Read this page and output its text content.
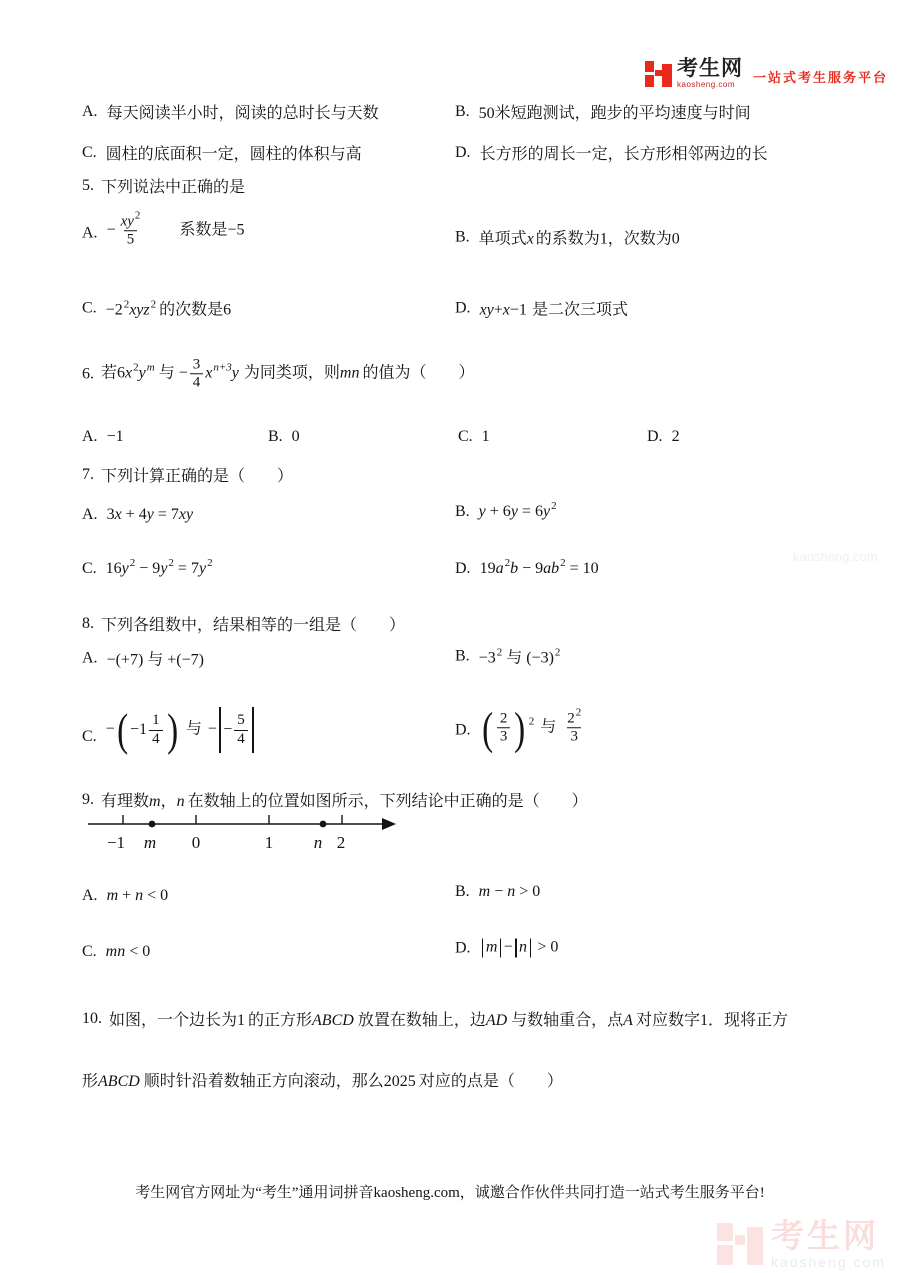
考生网
kaosheng.com	一站式考生服务平台
A. 每天阅读半小时，阅读的总时长与天数	B. 50米短跑测试，跑步的平均速度与时间
C. 圆柱的底面积一定，圆柱的体积与高	D. 长方形的周长一定，长方形相邻两边的长
5. 下列说法中正确的是
A. − $\frac{xy^2}{5}$ 系数是−5	B. 单项式x 的系数为1，次数为0
C. $-2^2xyz^2$ 的次数是6	D. xy+x−1 是二次三项式
6. 若$6x^2y^m$ 与 − $\frac{3}{4} x^{n+3}y$ 为同类项，则mn 的值为（　　）
A. −1	B. 0	C. 1	D. 2
7. 下列计算正确的是（　　）
A. 3x + 4y = 7xy	B. $y + 6y = 6y^2$
C. $16y^2 - 9y^2 = 7y^2$	D. $19a^2b - 9ab^2 = 10$
kaosheng.com
8. 下列各组数中，结果相等的一组是（　　）
A. −(+7) 与 +(−7)	B. $-3^2$ 与 $(-3)^2$
C. −( $-1 \frac{1}{4}$ ) 与 − − $\frac{5}{4}$	D. ( $\frac{2}{3}$ ) $^2$ 与 $\frac{2^2}{3}$
9. 有理数m，n 在数轴上的位置如图所示，下列结论中正确的是（　　）
−1 m 0	1 n 2
A. m + n < 0	B. m − n > 0
C. mn < 0	D. m − n > 0
10. 如图，一个边长为1 的正方形ABCD 放置在数轴上，边AD 与数轴重合，点A 对应数字1．现将正方
形ABCD 顺时针沿着数轴正方向滚动，那么2025 对应的点是（　　）
考生网官方网址为“考生”通用词拼音kaosheng.com，诚邀合作伙伴共同打造一站式考生服务平台!
考生网
kaosheng.com
